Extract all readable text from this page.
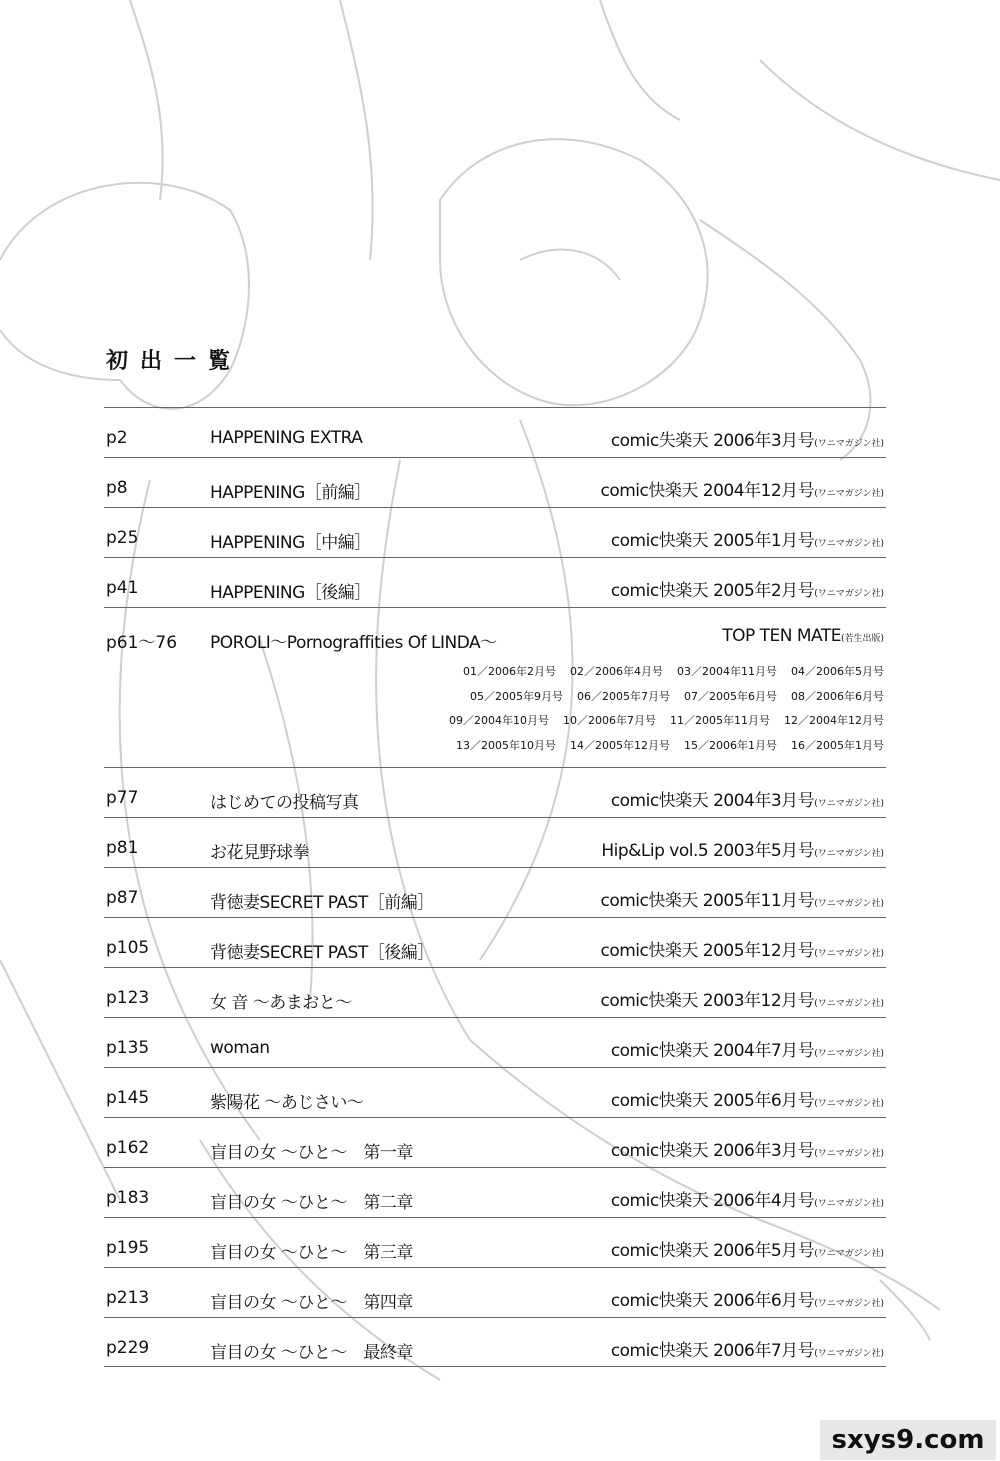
初出一覧
p2	HAPPENING EXTRA	comic失楽天 2006年3月号(ワニマガジン社)
p8	HAPPENING［前編］	comic快楽天 2004年12月号(ワニマガジン社)
p25	HAPPENING［中編］	comic快楽天 2005年1月号(ワニマガジン社)
p41	HAPPENING［後編］	comic快楽天 2005年2月号(ワニマガジン社)
p61〜76 POROLI〜Pornograffities Of LINDA〜	TOP TEN MATE(若生出版)
01／2006年2月号 02／2006年4月号 03／2004年11月号 04／2006年5月号
05／2005年9月号 06／2005年7月号 07／2005年6月号 08／2006年6月号
09／2004年10月号 10／2006年7月号 11／2005年11月号 12／2004年12月号
13／2005年10月号 14／2005年12月号 15／2006年1月号 16／2005年1月号
p77	はじめての投稿写真	comic快楽天 2004年3月号(ワニマガジン社)
p81	お花見野球拳	Hip&Lip vol.5 2003年5月号(ワニマガジン社)
p87	背徳妻SECRET PAST［前編］	comic快楽天 2005年11月号(ワニマガジン社)
p105	背徳妻SECRET PAST［後編］	comic快楽天 2005年12月号(ワニマガジン社)
p123	女 音 〜あまおと〜	comic快楽天 2003年12月号(ワニマガジン社)
p135	woman	comic快楽天 2004年7月号(ワニマガジン社)
p145	紫陽花 〜あじさい〜	comic快楽天 2005年6月号(ワニマガジン社)
p162	盲目の女 〜ひと〜　第一章	comic快楽天 2006年3月号(ワニマガジン社)
p183	盲目の女 〜ひと〜　第二章	comic快楽天 2006年4月号(ワニマガジン社)
p195	盲目の女 〜ひと〜　第三章	comic快楽天 2006年5月号(ワニマガジン社)
p213	盲目の女 〜ひと〜　第四章	comic快楽天 2006年6月号(ワニマガジン社)
p229	盲目の女 〜ひと〜　最終章	comic快楽天 2006年7月号(ワニマガジン社)
sxys9.com
